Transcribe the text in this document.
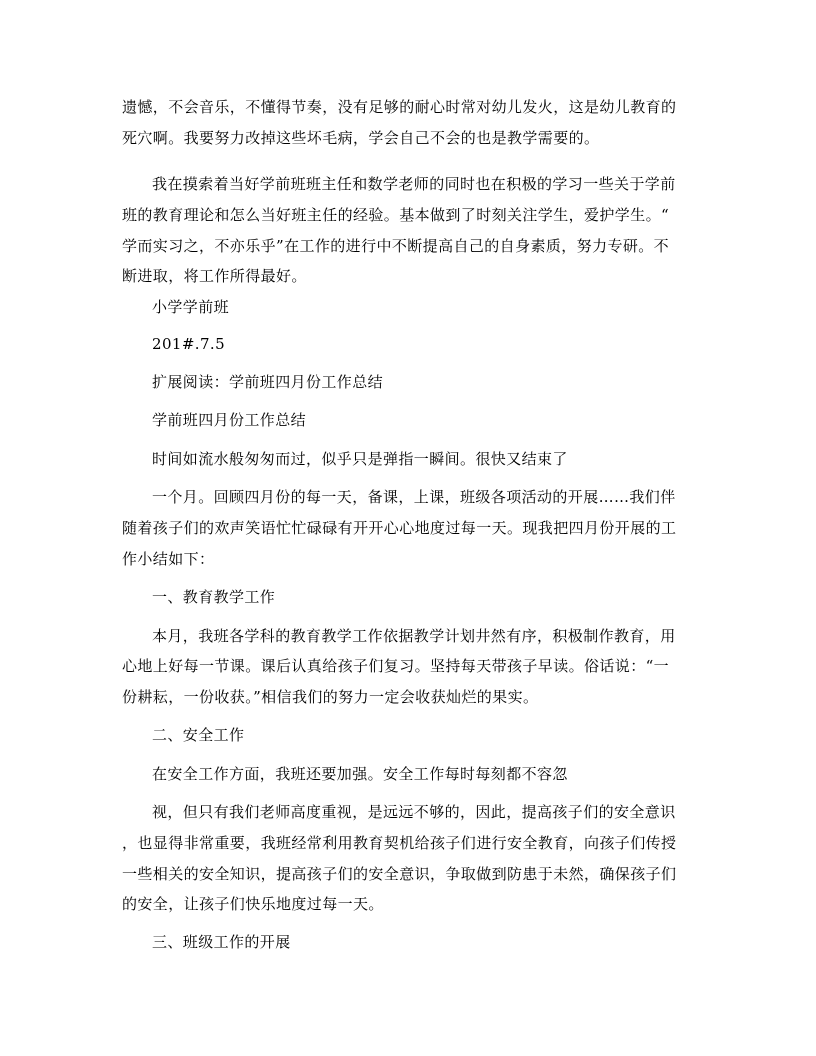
遗憾，不会音乐，不懂得节奏，没有足够的耐心时常对幼儿发火，这是幼儿教育的
死穴啊。我要努力改掉这些坏毛病，学会自己不会的也是教学需要的。
我在摸索着当好学前班班主任和数学老师的同时也在积极的学习一些关于学前
班的教育理论和怎么当好班主任的经验。基本做到了时刻关注学生，爱护学生。“
学而实习之，不亦乐乎”在工作的进行中不断提高自己的自身素质，努力专研。不
断进取，将工作所得最好。
小学学前班
201#.7.5
扩展阅读：学前班四月份工作总结
学前班四月份工作总结
时间如流水般匆匆而过，似乎只是弹指一瞬间。很快又结束了
一个月。回顾四月份的每一天，备课，上课，班级各项活动的开展……我们伴
随着孩子们的欢声笑语忙忙碌碌有开开心心地度过每一天。现我把四月份开展的工
作小结如下：
一、教育教学工作
本月，我班各学科的教育教学工作依据教学计划井然有序，积极制作教育，用
心地上好每一节课。课后认真给孩子们复习。坚持每天带孩子早读。俗话说：“一
份耕耘，一份收获。”相信我们的努力一定会收获灿烂的果实。
二、安全工作
在安全工作方面，我班还要加强。安全工作每时每刻都不容忽
视，但只有我们老师高度重视，是远远不够的，因此，提高孩子们的安全意识
，也显得非常重要，我班经常利用教育契机给孩子们进行安全教育，向孩子们传授
一些相关的安全知识，提高孩子们的安全意识，争取做到防患于未然，确保孩子们
的安全，让孩子们快乐地度过每一天。
三、班级工作的开展
